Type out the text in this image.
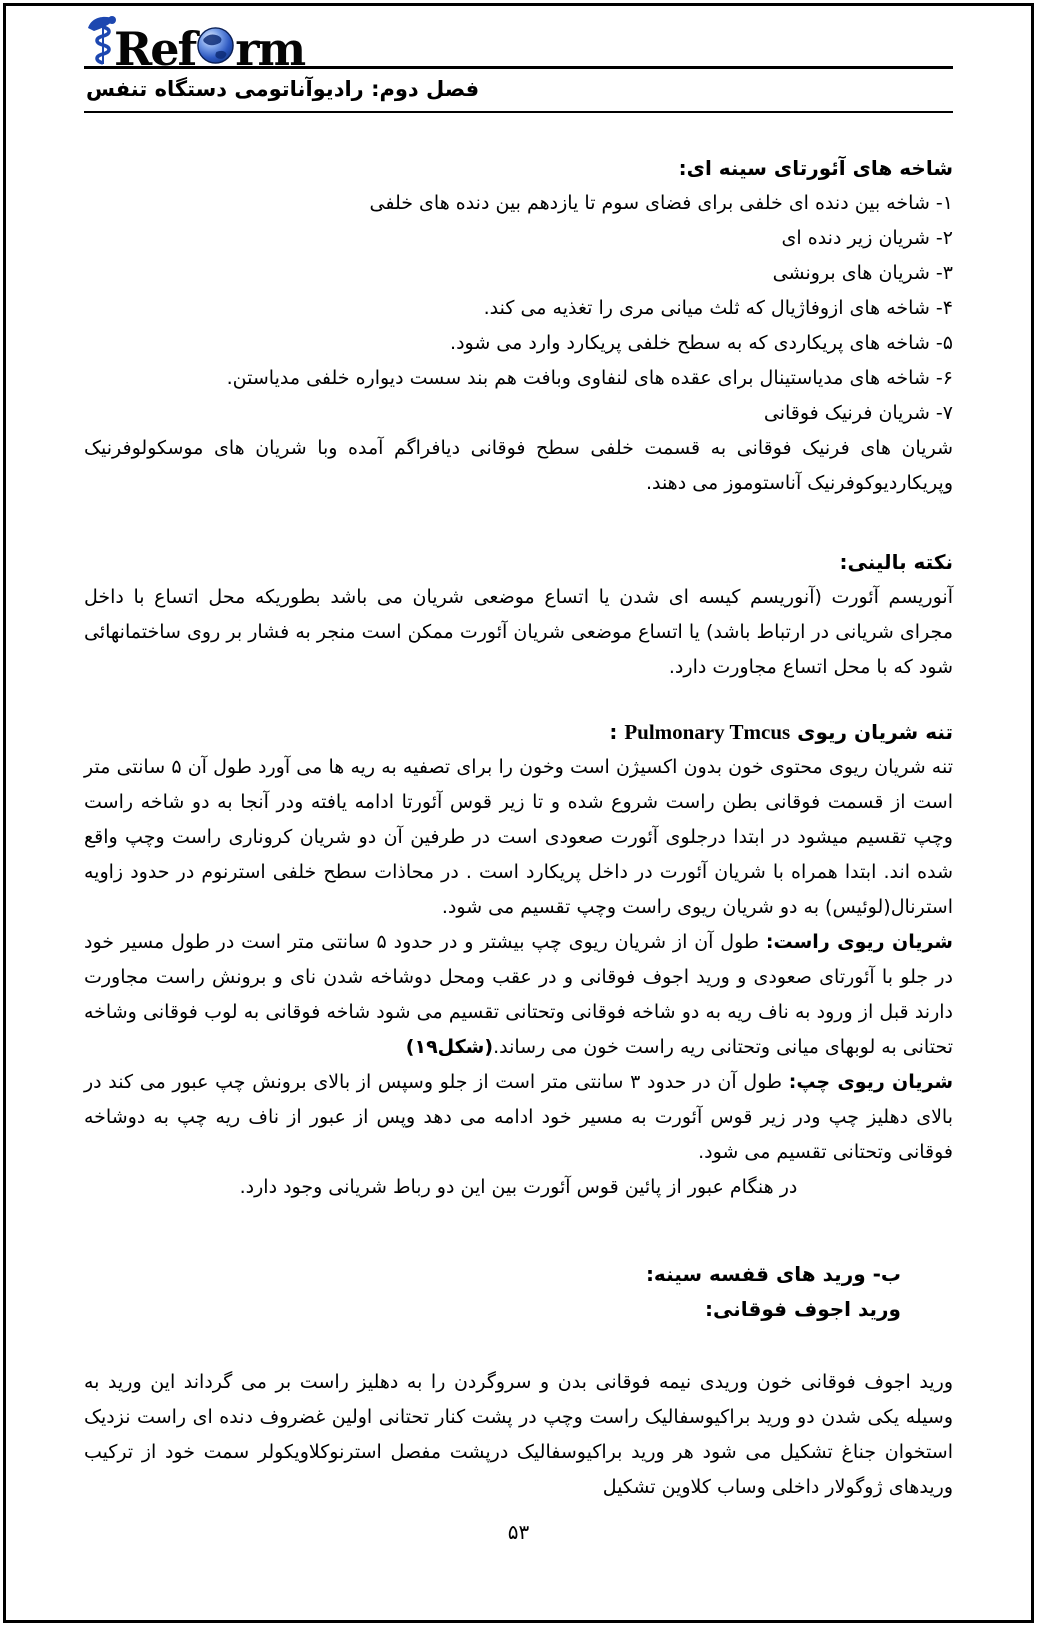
Ref rm
فصل دوم: رادیوآناتومی دستگاه تنفس
شاخه های آئورتای سینه ای:
۱- شاخه بین دنده ای خلفی برای فضای سوم تا یازدهم بین دنده های خلفی
۲- شریان زیر دنده ای
۳- شریان های برونشی
۴- شاخه های ازوفاژیال که ثلث میانی مری را تغذیه می کند.
۵- شاخه های پریکاردی که به سطح خلفی پریکارد وارد می شود.
۶- شاخه های مدیاستینال برای عقده های لنفاوی وبافت هم بند سست دیواره خلفی مدیاستن.
۷- شریان فرنیک فوقانی
شریان های فرنیک فوقانی به قسمت خلفی سطح فوقانی دیافراگم آمده وبا شریان های موسکولوفرنیک وپریکاردیوکوفرنیک آناستوموز می دهند.
نکته بالینی:
آنوریسم آئورت (آنوریسم کیسه ای شدن یا اتساع موضعی شریان می باشد بطوریکه محل اتساع با داخل مجرای شریانی در ارتباط باشد) یا اتساع موضعی شریان آئورت ممکن است منجر به فشار بر روی ساختمانهائی شود که با محل اتساع مجاورت دارد.
تنه شریان ریوی Pulmonary Tmcus :
تنه شریان ریوی محتوی خون بدون اکسیژن است وخون را برای تصفیه به ریه ها می آورد طول آن ۵ سانتی متر است از قسمت فوقانی بطن راست شروع شده و تا زیر قوس آئورتا ادامه یافته ودر آنجا به دو شاخه راست وچپ تقسیم میشود در ابتدا درجلوی آئورت صعودی است در طرفین آن دو شریان کروناری راست وچپ واقع شده اند. ابتدا همراه با شریان آئورت در داخل پریکارد است . در محاذات سطح خلفی استرنوم در حدود زاویه استرنال(لوئیس) به دو شریان ریوی راست وچپ تقسیم می شود.
شریان ریوی راست: طول آن از شریان ریوی چپ بیشتر و در حدود ۵ سانتی متر است در طول مسیر خود در جلو با آئورتای صعودی و ورید اجوف فوقانی و در عقب ومحل دوشاخه شدن نای و برونش راست مجاورت دارند قبل از ورود به ناف ریه به دو شاخه فوقانی وتحتانی تقسیم می شود شاخه فوقانی به لوب فوقانی وشاخه تحتانی به لوبهای میانی وتحتانی ریه راست خون می رساند.(شکل۱۹)
شریان ریوی چپ: طول آن در حدود ۳ سانتی متر است از جلو وسپس از بالای برونش چپ عبور می کند در بالای دهلیز چپ ودر زیر قوس آئورت به مسیر خود ادامه می دهد وپس از عبور از ناف ریه چپ به دوشاخه فوقانی وتحتانی تقسیم می شود.
در هنگام عبور از پائین قوس آئورت بین این دو رباط شریانی وجود دارد.
ب- ورید های قفسه سینه:
ورید اجوف فوقانی:
ورید اجوف فوقانی خون وریدی نیمه فوقانی بدن و سروگردن را به دهلیز راست بر می گرداند این ورید به وسیله یکی شدن دو ورید براکیوسفالیک راست وچپ در پشت کنار تحتانی اولین غضروف دنده ای راست نزدیک استخوان جناغ تشکیل می شود هر ورید براکیوسفالیک درپشت مفصل استرنوکلاویکولر سمت خود از ترکیب وریدهای ژوگولار داخلی وساب کلاوین تشکیل
۵۳
